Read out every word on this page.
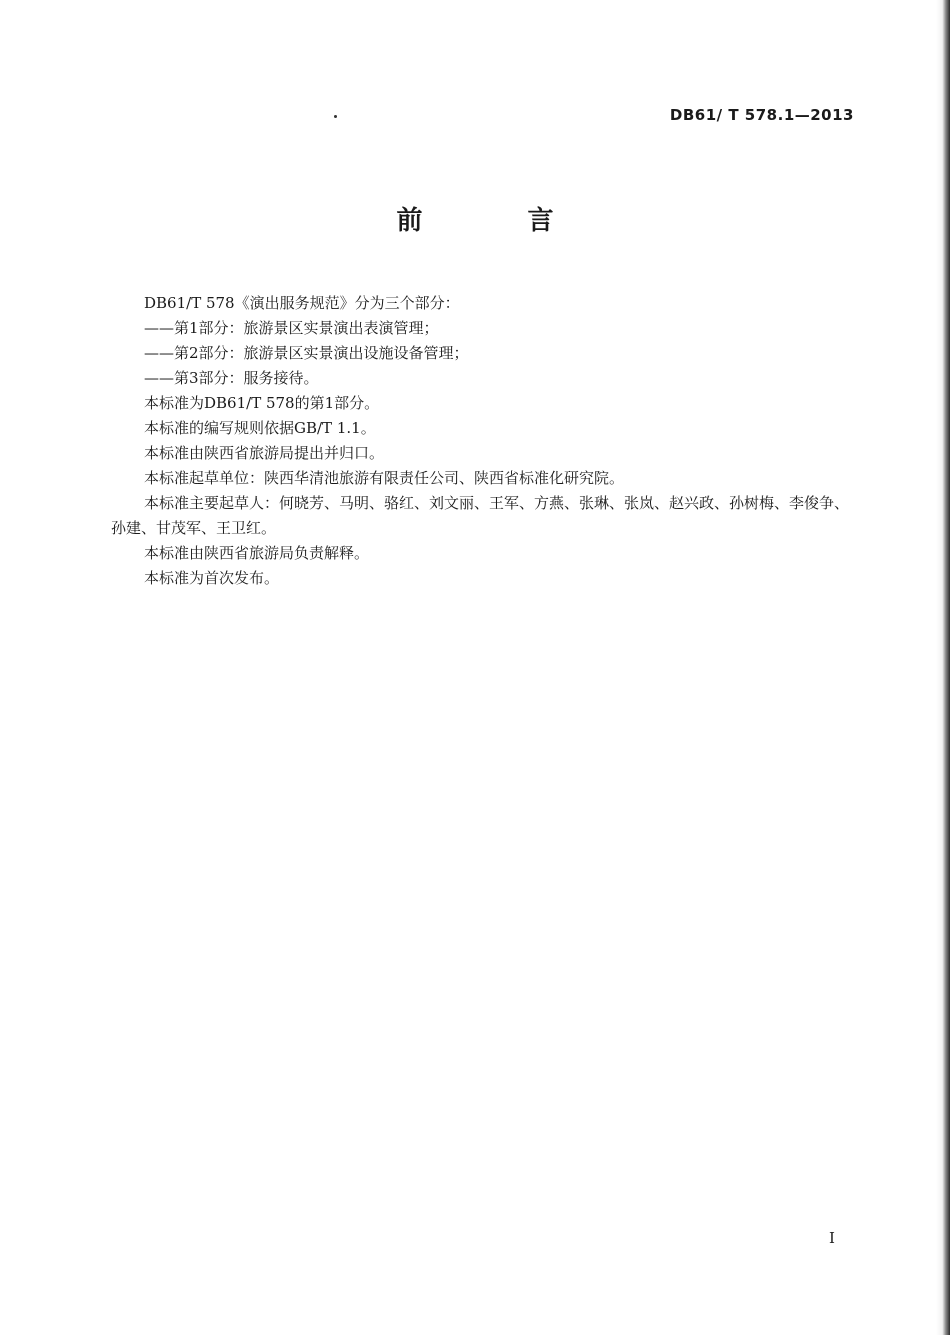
DB61/ T 578.1—2013
前 言

DB61/T 578《演出服务规范》分为三个部分：

——第1部分：旅游景区实景演出表演管理；

——第2部分：旅游景区实景演出设施设备管理；

——第3部分：服务接待。

本标准为DB61/T 578的第1部分。

本标准的编写规则依据GB/T 1.1。

本标准由陕西省旅游局提出并归口。

本标准起草单位：陕西华清池旅游有限责任公司、陕西省标准化研究院。

本标准主要起草人：何晓芳、马明、骆红、刘文丽、王军、方燕、张琳、张岚、赵兴政、孙树梅、李俊争、孙建、甘茂军、王卫红。

本标准由陕西省旅游局负责解释。

本标准为首次发布。

I
